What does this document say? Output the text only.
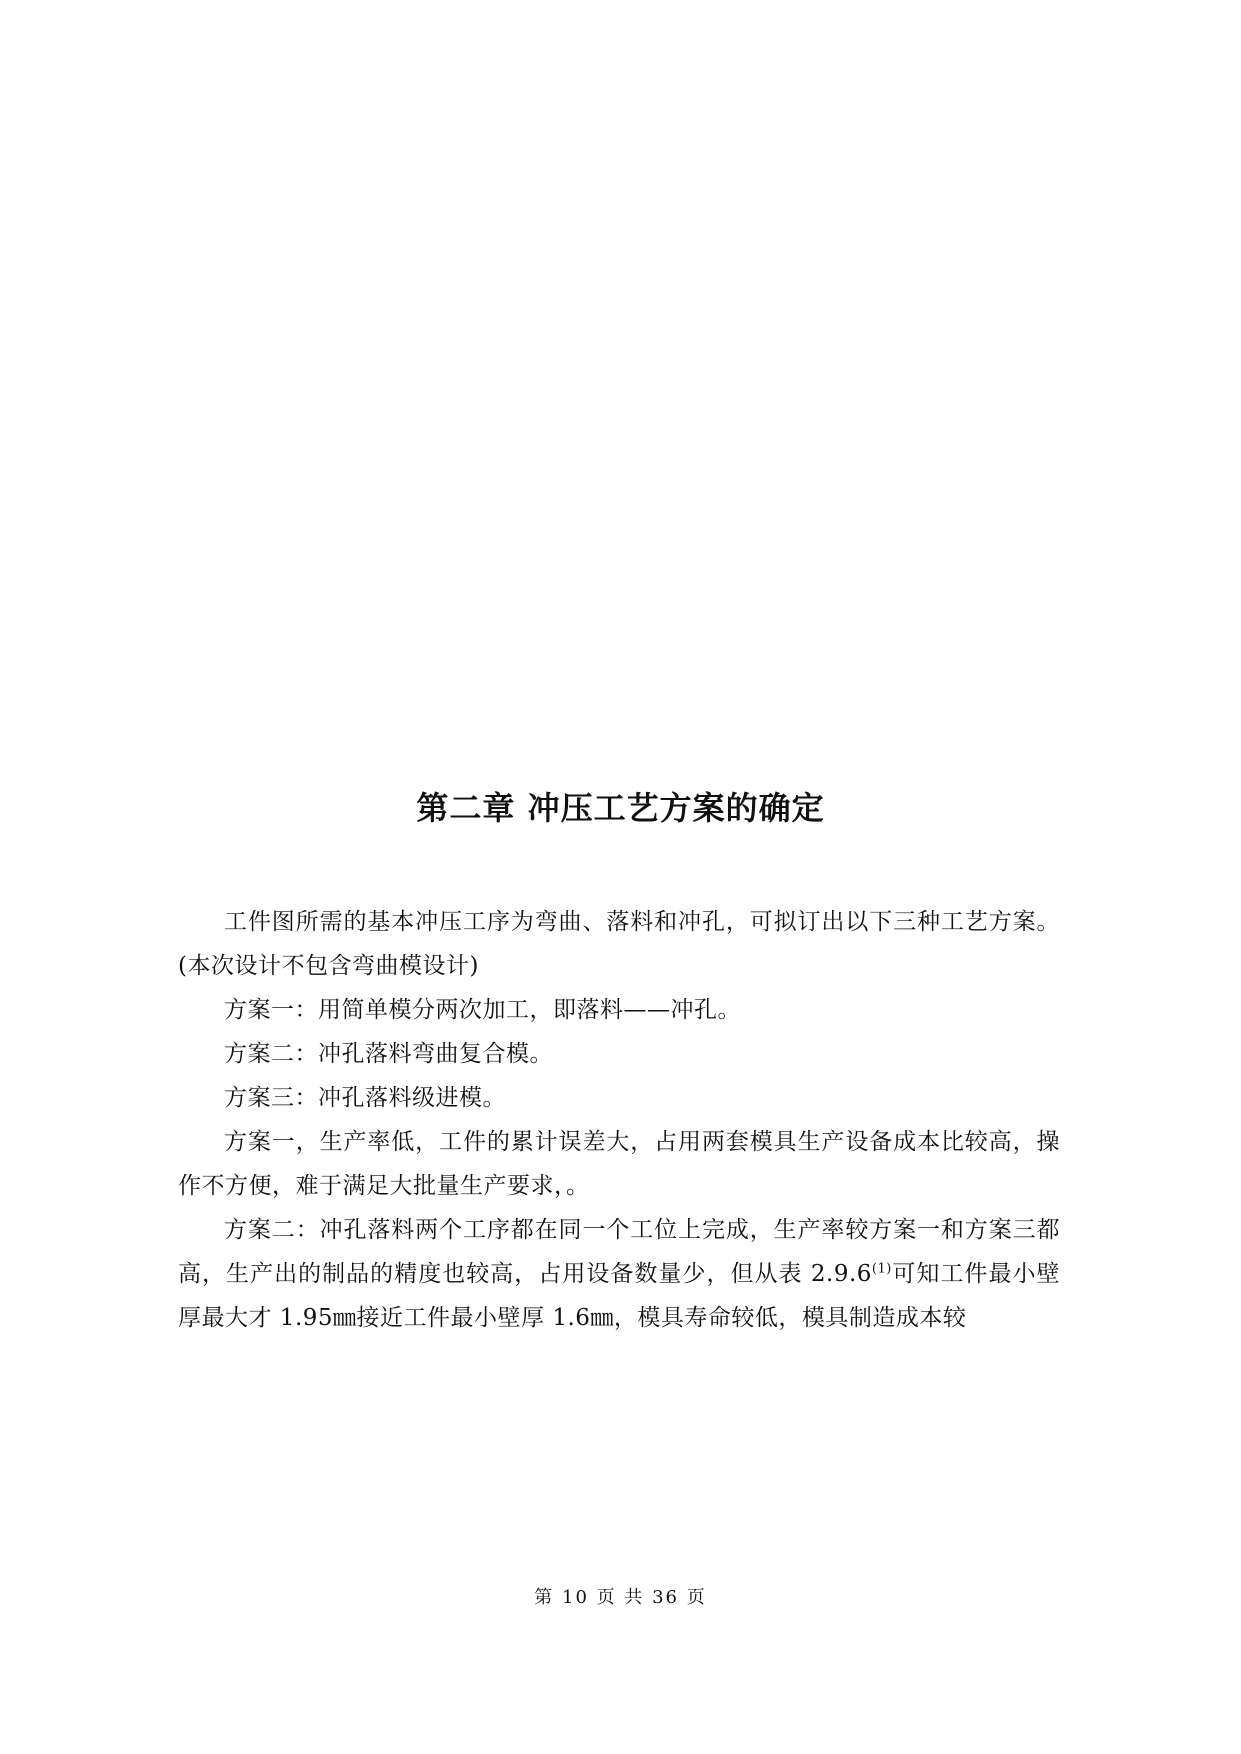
第二章 冲压工艺方案的确定

工件图所需的基本冲压工序为弯曲、落料和冲孔，可拟订出以下三种工艺方案。(本次设计不包含弯曲模设计)

方案一：用简单模分两次加工，即落料——冲孔。

方案二：冲孔落料弯曲复合模。

方案三：冲孔落料级进模。

方案一，生产率低，工件的累计误差大，占用两套模具生产设备成本比较高，操作不方便，难于满足大批量生产要求，。

方案二：冲孔落料两个工序都在同一个工位上完成，生产率较方案一和方案三都高，生产出的制品的精度也较高，占用设备数量少，但从表 2.9.6$^{(1)}$可知工件最小壁厚最大才 1.95㎜接近工件最小壁厚 1.6㎜，模具寿命较低，模具制造成本较

第 10 页 共 36 页
